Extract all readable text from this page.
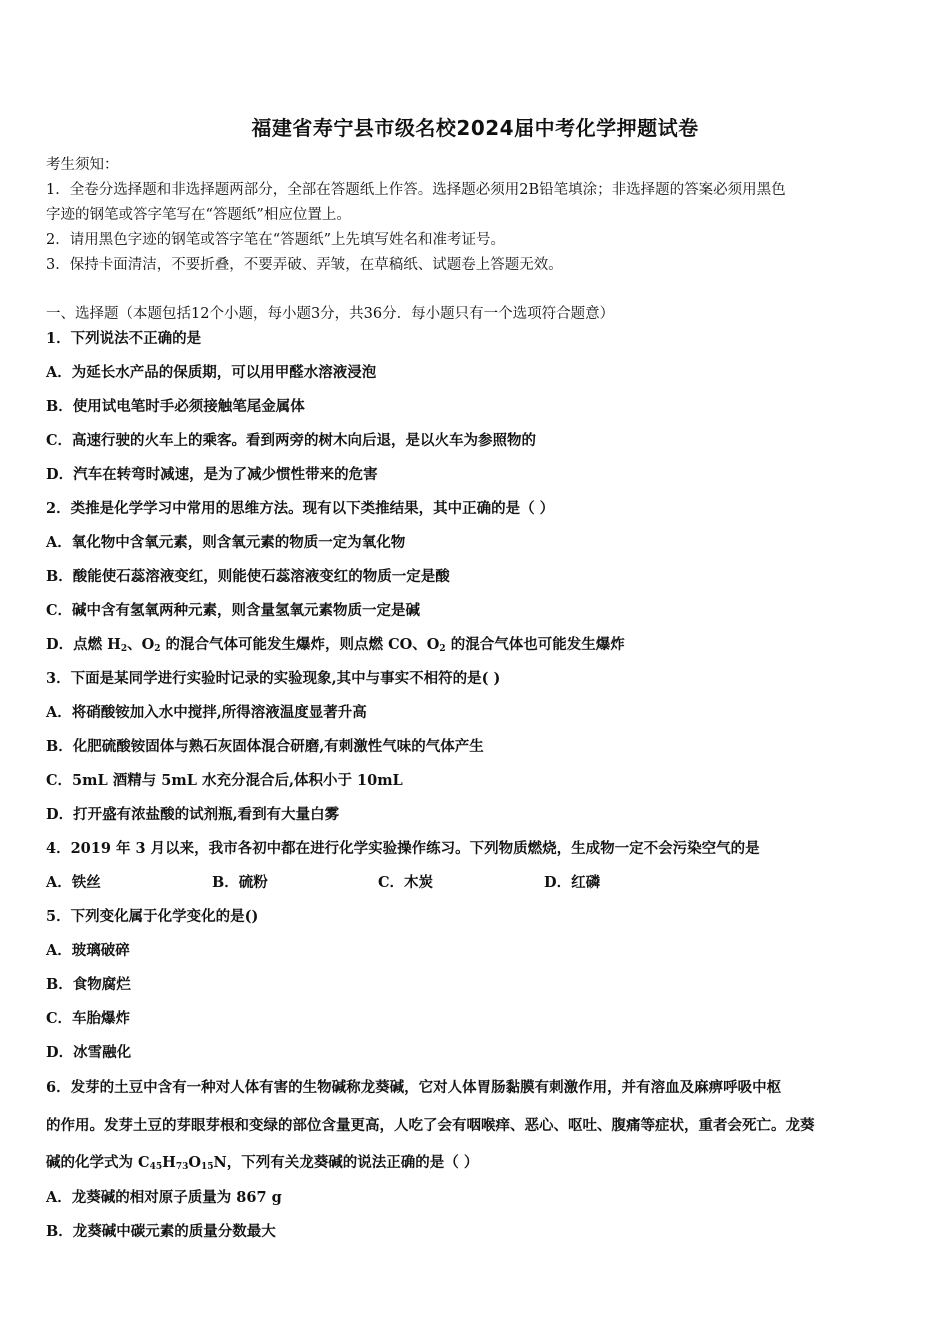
福建省寿宁县市级名校2024届中考化学押题试卷
考生须知：
1．全卷分选择题和非选择题两部分，全部在答题纸上作答。选择题必须用2B铅笔填涂；非选择题的答案必须用黑色
字迹的钢笔或答字笔写在“答题纸”相应位置上。
2．请用黑色字迹的钢笔或答字笔在“答题纸”上先填写姓名和准考证号。
3．保持卡面清洁，不要折叠，不要弄破、弄皱，在草稿纸、试题卷上答题无效。
一、选择题（本题包括12个小题，每小题3分，共36分．每小题只有一个选项符合题意）
1．下列说法不正确的是
A．为延长水产品的保质期，可以用甲醛水溶液浸泡
B．使用试电笔时手必须接触笔尾金属体
C．高速行驶的火车上的乘客。看到两旁的树木向后退，是以火车为参照物的
D．汽车在转弯时减速，是为了减少惯性带来的危害
2．类推是化学学习中常用的思维方法。现有以下类推结果，其中正确的是（ ）
A．氧化物中含氧元素，则含氧元素的物质一定为氧化物
B．酸能使石蕊溶液变红，则能使石蕊溶液变红的物质一定是酸
C．碱中含有氢氧两种元素，则含量氢氧元素物质一定是碱
D．点燃 $H_2$、$O_2$ 的混合气体可能发生爆炸，则点燃 CO、$O_2$ 的混合气体也可能发生爆炸
3．下面是某同学进行实验时记录的实验现象,其中与事实不相符的是( )
A．将硝酸铵加入水中搅拌,所得溶液温度显著升高
B．化肥硫酸铵固体与熟石灰固体混合研磨,有刺激性气味的气体产生
C．5mL 酒精与 5mL 水充分混合后,体积小于 10mL
D．打开盛有浓盐酸的试剂瓶,看到有大量白雾
4．2019 年 3 月以来，我市各初中都在进行化学实验操作练习。下列物质燃烧，生成物一定不会污染空气的是
A．铁丝	B．硫粉	C．木炭	D．红磷
5．下列变化属于化学变化的是()
A．玻璃破碎
B．食物腐烂
C．车胎爆炸
D．冰雪融化
6．发芽的土豆中含有一种对人体有害的生物碱称龙葵碱，它对人体胃肠黏膜有刺激作用，并有溶血及麻痹呼吸中枢
的作用。发芽土豆的芽眼芽根和变绿的部位含量更高，人吃了会有咽喉痒、恶心、呕吐、腹痛等症状，重者会死亡。龙葵
碱的化学式为 $C_{45}H_{73}O_{15}N$，下列有关龙葵碱的说法正确的是（ ）
A．龙葵碱的相对原子质量为 867 g
B．龙葵碱中碳元素的质量分数最大
